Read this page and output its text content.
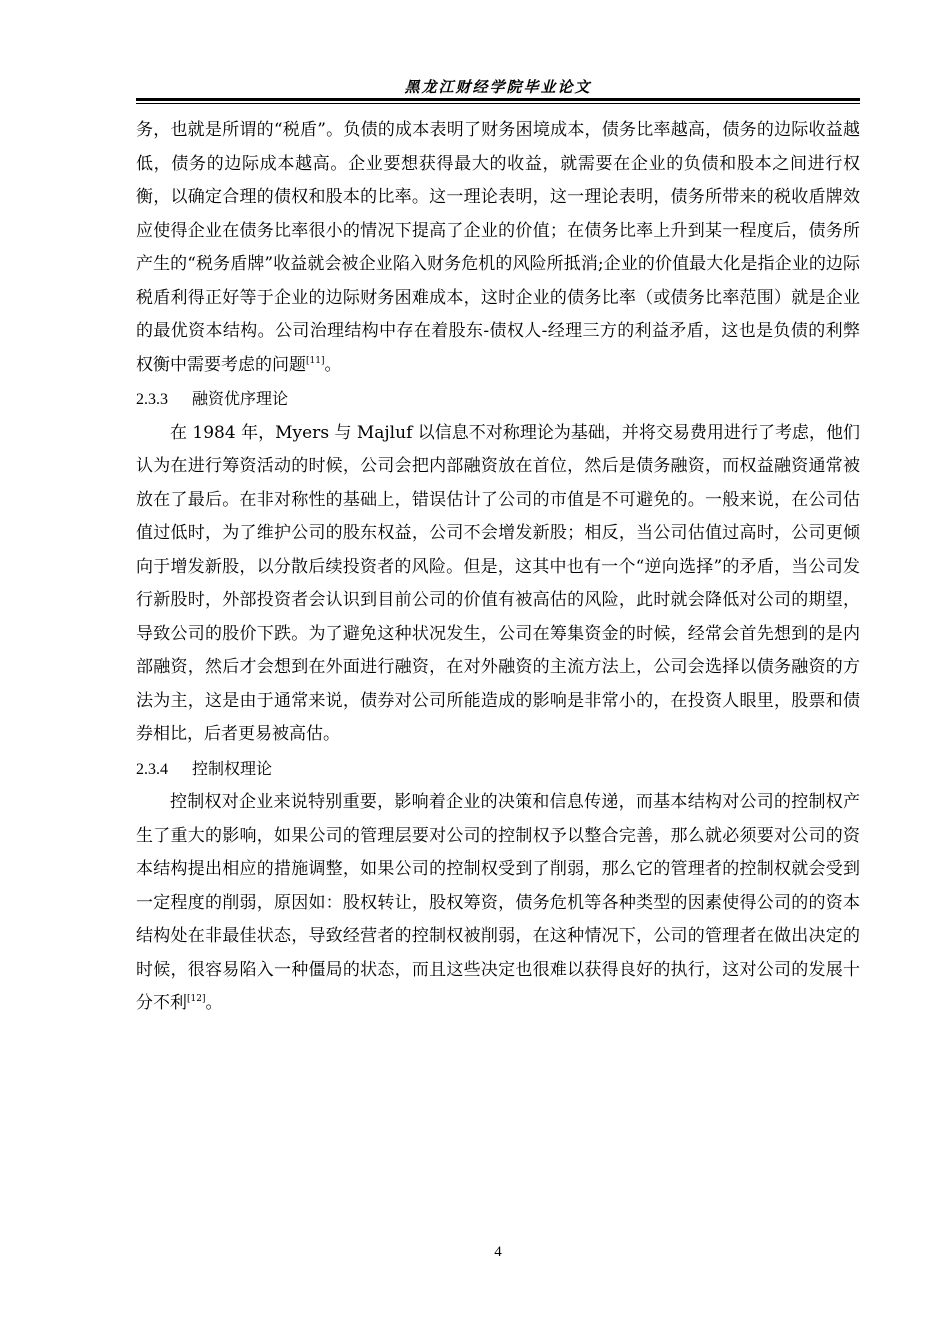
黑龙江财经学院毕业论文

务，也就是所谓的“税盾”。负债的成本表明了财务困境成本，债务比率越高，债务的边际收益越低，债务的边际成本越高。企业要想获得最大的收益，就需要在企业的负债和股本之间进行权衡，以确定合理的债权和股本的比率。这一理论表明，这一理论表明，债务所带来的税收盾牌效应使得企业在债务比率很小的情况下提高了企业的价值；在债务比率上升到某一程度后，债务所产生的“税务盾牌”收益就会被企业陷入财务危机的风险所抵消;企业的价值最大化是指企业的边际税盾利得正好等于企业的边际财务困难成本，这时企业的债务比率（或债务比率范围）就是企业的最优资本结构。公司治理结构中存在着股东-债权人-经理三方的利益矛盾，这也是负债的利弊权衡中需要考虑的问题[11]。

2.3.3 融资优序理论

在 1984 年，Myers 与 Majluf 以信息不对称理论为基础，并将交易费用进行了考虑，他们认为在进行筹资活动的时候，公司会把内部融资放在首位，然后是债务融资，而权益融资通常被放在了最后。在非对称性的基础上，错误估计了公司的市值是不可避免的。一般来说，在公司估值过低时，为了维护公司的股东权益，公司不会增发新股；相反，当公司估值过高时，公司更倾向于增发新股，以分散后续投资者的风险。但是，这其中也有一个“逆向选择”的矛盾，当公司发行新股时，外部投资者会认识到目前公司的价值有被高估的风险，此时就会降低对公司的期望，导致公司的股价下跌。为了避免这种状况发生，公司在筹集资金的时候，经常会首先想到的是内部融资，然后才会想到在外面进行融资，在对外融资的主流方法上，公司会选择以债务融资的方法为主，这是由于通常来说，债券对公司所能造成的影响是非常小的，在投资人眼里，股票和债券相比，后者更易被高估。

2.3.4 控制权理论

控制权对企业来说特别重要，影响着企业的决策和信息传递，而基本结构对公司的控制权产生了重大的影响，如果公司的管理层要对公司的控制权予以整合完善，那么就必须要对公司的资本结构提出相应的措施调整，如果公司的控制权受到了削弱，那么它的管理者的控制权就会受到一定程度的削弱，原因如：股权转让，股权筹资，债务危机等各种类型的因素使得公司的的资本结构处在非最佳状态，导致经营者的控制权被削弱，在这种情况下，公司的管理者在做出决定的时候，很容易陷入一种僵局的状态，而且这些决定也很难以获得良好的执行，这对公司的发展十分不利[12]。

4
